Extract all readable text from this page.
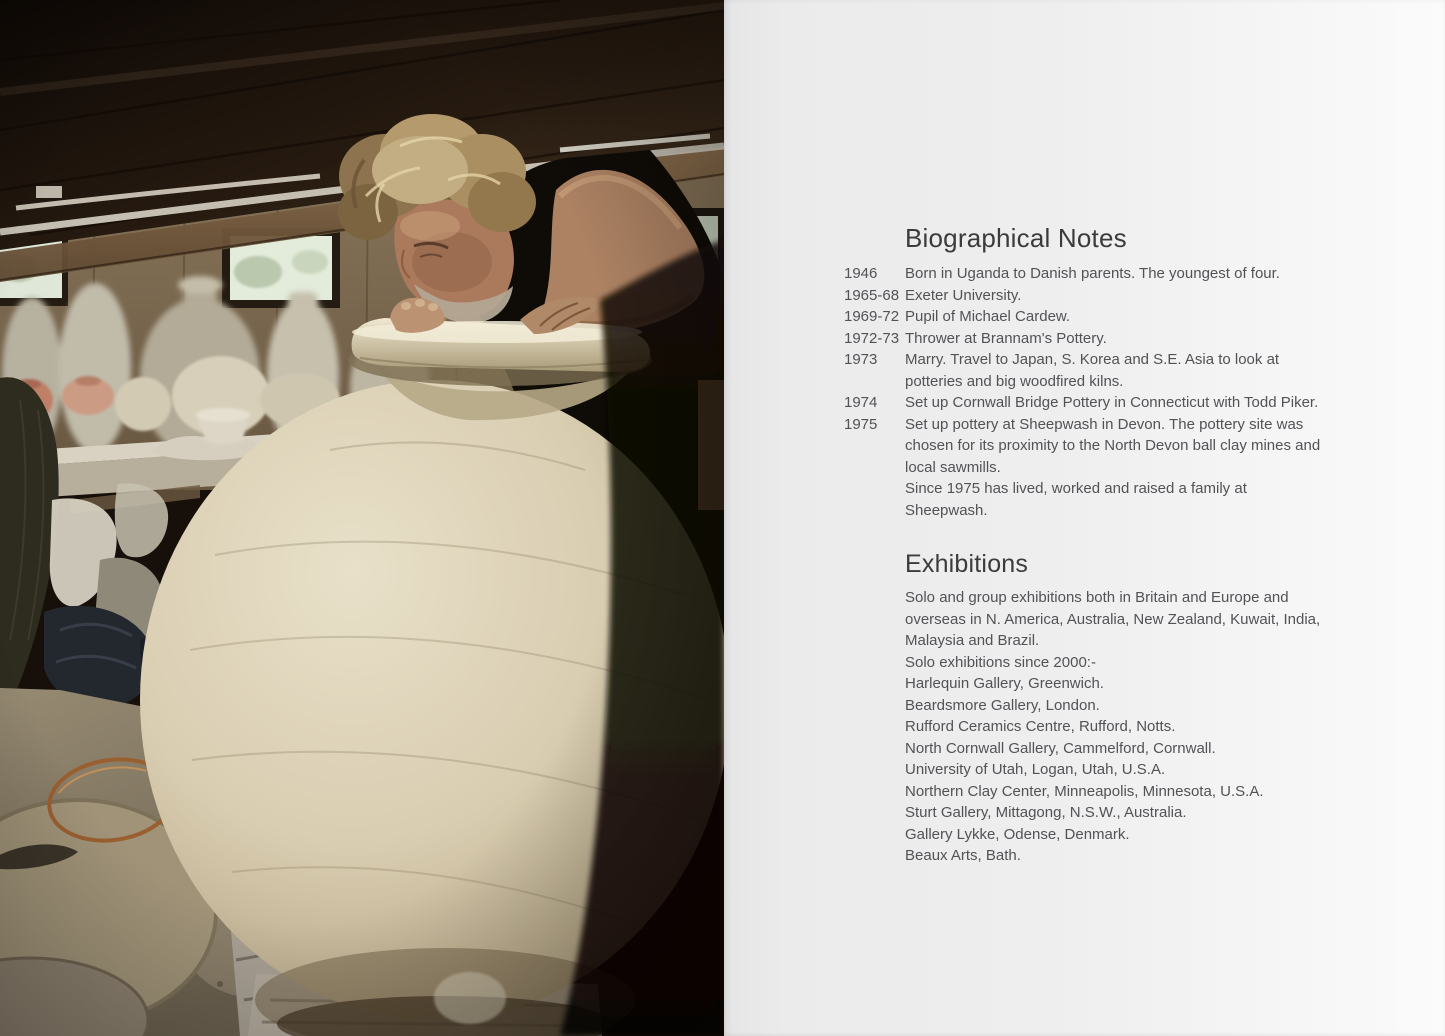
Biographical Notes
1946	Born in Uganda to Danish parents. The youngest of four.
1965-68 Exeter University.
1969-72 Pupil of Michael Cardew.
1972-73 Thrower at Brannam's Pottery.
1973	Marry. Travel to Japan, S. Korea and S.E. Asia to look at
potteries and big woodfired kilns.
1974	Set up Cornwall Bridge Pottery in Connecticut with Todd Piker.
1975	Set up pottery at Sheepwash in Devon. The pottery site was
chosen for its proximity to the North Devon ball clay mines and
local sawmills.
Since 1975 has lived, worked and raised a family at
Sheepwash.
Exhibitions
Solo and group exhibitions both in Britain and Europe and
overseas in N. America, Australia, New Zealand, Kuwait, India,
Malaysia and Brazil.
Solo exhibitions since 2000:-
Harlequin Gallery, Greenwich.
Beardsmore Gallery, London.
Rufford Ceramics Centre, Rufford, Notts.
North Cornwall Gallery, Cammelford, Cornwall.
University of Utah, Logan, Utah, U.S.A.
Northern Clay Center, Minneapolis, Minnesota, U.S.A.
Sturt Gallery, Mittagong, N.S.W., Australia.
Gallery Lykke, Odense, Denmark.
Beaux Arts, Bath.
